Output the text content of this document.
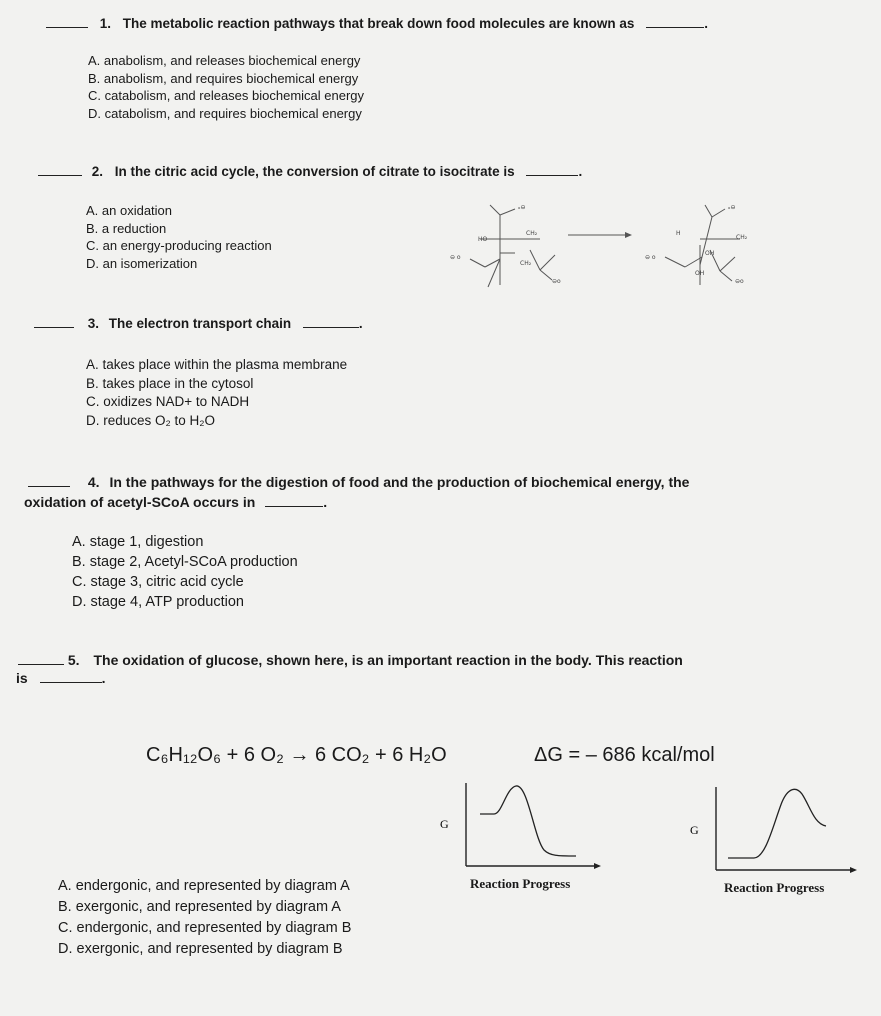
1. The metabolic reaction pathways that break down food molecules are known as	.
A. anabolism, and releases biochemical energy
B. anabolism, and requires biochemical energy
C. catabolism, and releases biochemical energy
D. catabolism, and requires biochemical energy
2. In the citric acid cycle, the conversion of citrate to isocitrate is	.
A. an oxidation
B. a reduction
C. an energy-producing reaction
D. an isomerization
ₒ⊖
HO
CH₂
⊖ o
CH₂
⊖o
ₒ⊖
H
CH₂
⊖ o
OH
OH
⊖o
3. The electron transport chain	.
A. takes place within the plasma membrane
B. takes place in the cytosol
C. oxidizes NAD+ to NADH
D. reduces O₂ to H₂O
4. In the pathways for the digestion of food and the production of biochemical energy, the
oxidation of acetyl-SCoA occurs in	.
A. stage 1, digestion
B. stage 2, Acetyl-SCoA production
C. stage 3, citric acid cycle
D. stage 4, ATP production
5. The oxidation of glucose, shown here, is an important reaction in the body. This reaction
is	.
C₆H₁₂O₆ + 6 O₂ → 6 CO₂ + 6 H₂O	ΔG = – 686 kcal/mol
G
Reaction Progress
G
Reaction Progress
A. endergonic, and represented by diagram A
B. exergonic, and represented by diagram A
C. endergonic, and represented by diagram B
D. exergonic, and represented by diagram B
